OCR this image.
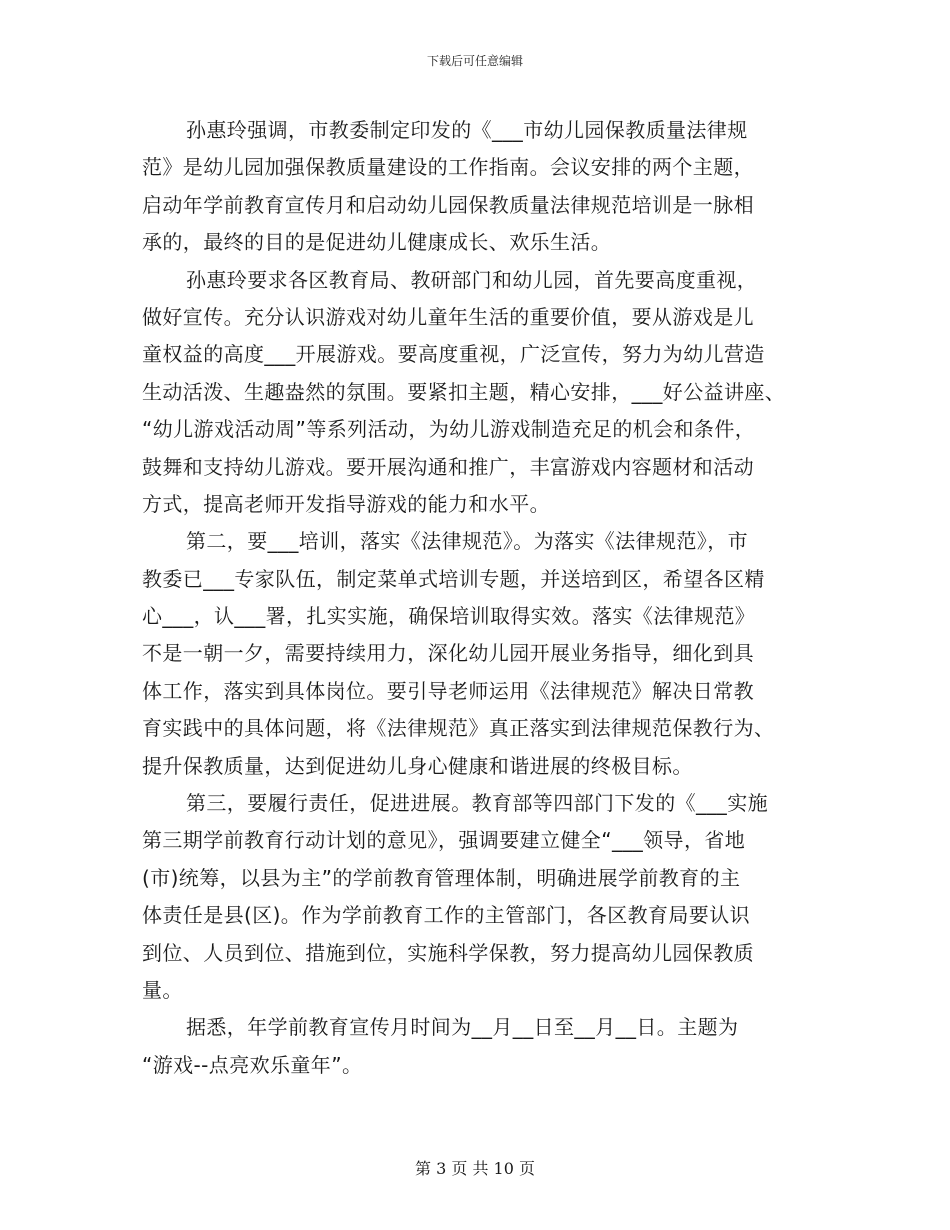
下载后可任意编辑
孙惠玲强调，市教委制定印发的《___市幼儿园保教质量法律规
范》是幼儿园加强保教质量建设的工作指南。会议安排的两个主题，
启动年学前教育宣传月和启动幼儿园保教质量法律规范培训是一脉相
承的，最终的目的是促进幼儿健康成长、欢乐生活。
孙惠玲要求各区教育局、教研部门和幼儿园，首先要高度重视，
做好宣传。充分认识游戏对幼儿童年生活的重要价值，要从游戏是儿
童权益的高度___开展游戏。要高度重视，广泛宣传，努力为幼儿营造
生动活泼、生趣盎然的氛围。要紧扣主题，精心安排，___好公益讲座、
“幼儿游戏活动周”等系列活动，为幼儿游戏制造充足的机会和条件，
鼓舞和支持幼儿游戏。要开展沟通和推广，丰富游戏内容题材和活动
方式，提高老师开发指导游戏的能力和水平。
第二，要___培训，落实《法律规范》。为落实《法律规范》，市
教委已___专家队伍，制定菜单式培训专题，并送培到区，希望各区精
心___，认___署，扎实实施，确保培训取得实效。落实《法律规范》
不是一朝一夕，需要持续用力，深化幼儿园开展业务指导，细化到具
体工作，落实到具体岗位。要引导老师运用《法律规范》解决日常教
育实践中的具体问题，将《法律规范》真正落实到法律规范保教行为、
提升保教质量，达到促进幼儿身心健康和谐进展的终极目标。
第三，要履行责任，促进进展。教育部等四部门下发的《___实施
第三期学前教育行动计划的意见》，强调要建立健全“___领导，省地
(市)统筹，以县为主”的学前教育管理体制，明确进展学前教育的主
体责任是县(区)。作为学前教育工作的主管部门，各区教育局要认识
到位、人员到位、措施到位，实施科学保教，努力提高幼儿园保教质
量。
据悉，年学前教育宣传月时间为__月__日至__月__日。主题为
“游戏--点亮欢乐童年”。
第 3 页 共 10 页
